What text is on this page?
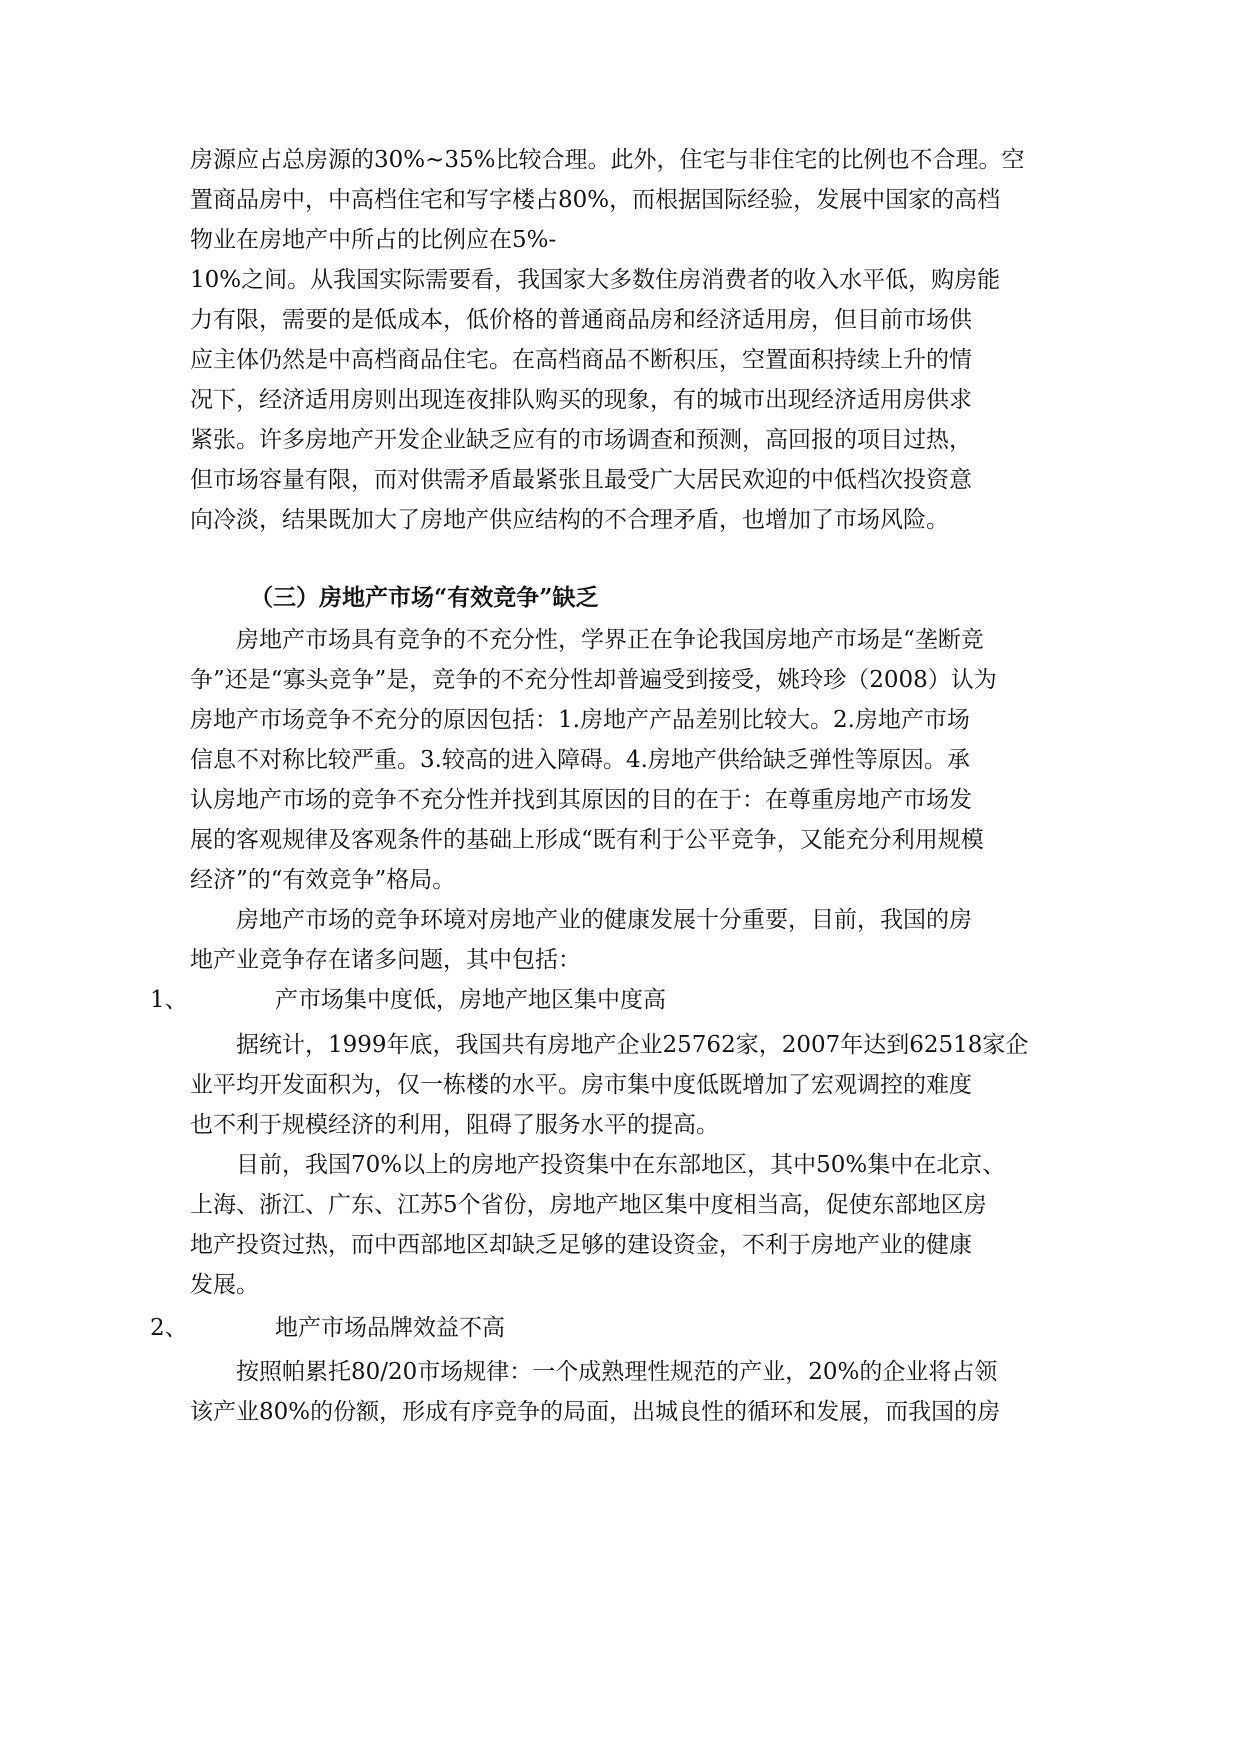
房源应占总房源的30%~35%比较合理。此外，住宅与非住宅的比例也不合理。空
置商品房中，中高档住宅和写字楼占80%，而根据国际经验，发展中国家的高档
物业在房地产中所占的比例应在5%-
10%之间。从我国实际需要看，我国家大多数住房消费者的收入水平低，购房能
力有限，需要的是低成本，低价格的普通商品房和经济适用房，但目前市场供
应主体仍然是中高档商品住宅。在高档商品不断积压，空置面积持续上升的情
况下，经济适用房则出现连夜排队购买的现象，有的城市出现经济适用房供求
紧张。许多房地产开发企业缺乏应有的市场调查和预测，高回报的项目过热，
但市场容量有限，而对供需矛盾最紧张且最受广大居民欢迎的中低档次投资意
向冷淡，结果既加大了房地产供应结构的不合理矛盾，也增加了市场风险。

（三）房地产市场“有效竞争”缺乏

房地产市场具有竞争的不充分性，学界正在争论我国房地产市场是“垄断竞
争”还是“寡头竞争”是，竞争的不充分性却普遍受到接受，姚玲珍（2008）认为
房地产市场竞争不充分的原因包括：1.房地产产品差别比较大。2.房地产市场
信息不对称比较严重。3.较高的进入障碍。4.房地产供给缺乏弹性等原因。承
认房地产市场的竞争不充分性并找到其原因的目的在于：在尊重房地产市场发
展的客观规律及客观条件的基础上形成“既有利于公平竞争，又能充分利用规模
经济”的“有效竞争”格局。

房地产市场的竞争环境对房地产业的健康发展十分重要，目前，我国的房
地产业竞争存在诸多问题，其中包括：

1、	产市场集中度低，房地产地区集中度高

据统计，1999年底，我国共有房地产企业25762家，2007年达到62518家企
业平均开发面积为，仅一栋楼的水平。房市集中度低既增加了宏观调控的难度
也不利于规模经济的利用，阻碍了服务水平的提高。

目前，我国70%以上的房地产投资集中在东部地区，其中50%集中在北京、
上海、浙江、广东、江苏5个省份，房地产地区集中度相当高，促使东部地区房
地产投资过热，而中西部地区却缺乏足够的建设资金，不利于房地产业的健康
发展。

2、	地产市场品牌效益不高

按照帕累托80/20市场规律：一个成熟理性规范的产业，20%的企业将占领
该产业80%的份额，形成有序竞争的局面，出城良性的循环和发展，而我国的房
